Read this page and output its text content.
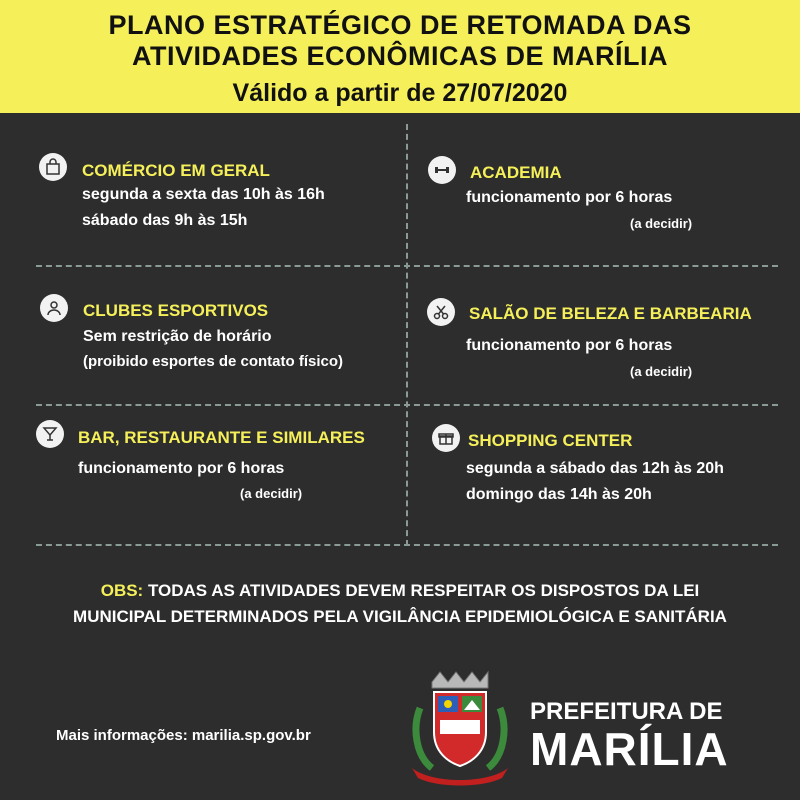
PLANO ESTRATÉGICO DE RETOMADA DAS
ATIVIDADES ECONÔMICAS DE MARÍLIA
Válido a partir de 27/07/2020
COMÉRCIO EM GERAL
segunda a sexta das 10h às 16h
sábado das 9h às 15h
ACADEMIA
funcionamento por 6 horas
(a decidir)
CLUBES ESPORTIVOS
Sem restrição de horário
(proibido esportes de contato físico)
SALÃO DE BELEZA E BARBEARIA
funcionamento por 6 horas
(a decidir)
BAR, RESTAURANTE E SIMILARES
funcionamento por 6 horas
(a decidir)
SHOPPING CENTER
segunda a sábado das 12h às 20h
domingo das 14h às 20h
OBS: TODAS AS ATIVIDADES DEVEM RESPEITAR OS DISPOSTOS DA LEI
MUNICIPAL DETERMINADOS PELA VIGILÂNCIA EPIDEMIOLÓGICA E SANITÁRIA
Mais informações: marilia.sp.gov.br
PREFEITURA DE
MARÍLIA
